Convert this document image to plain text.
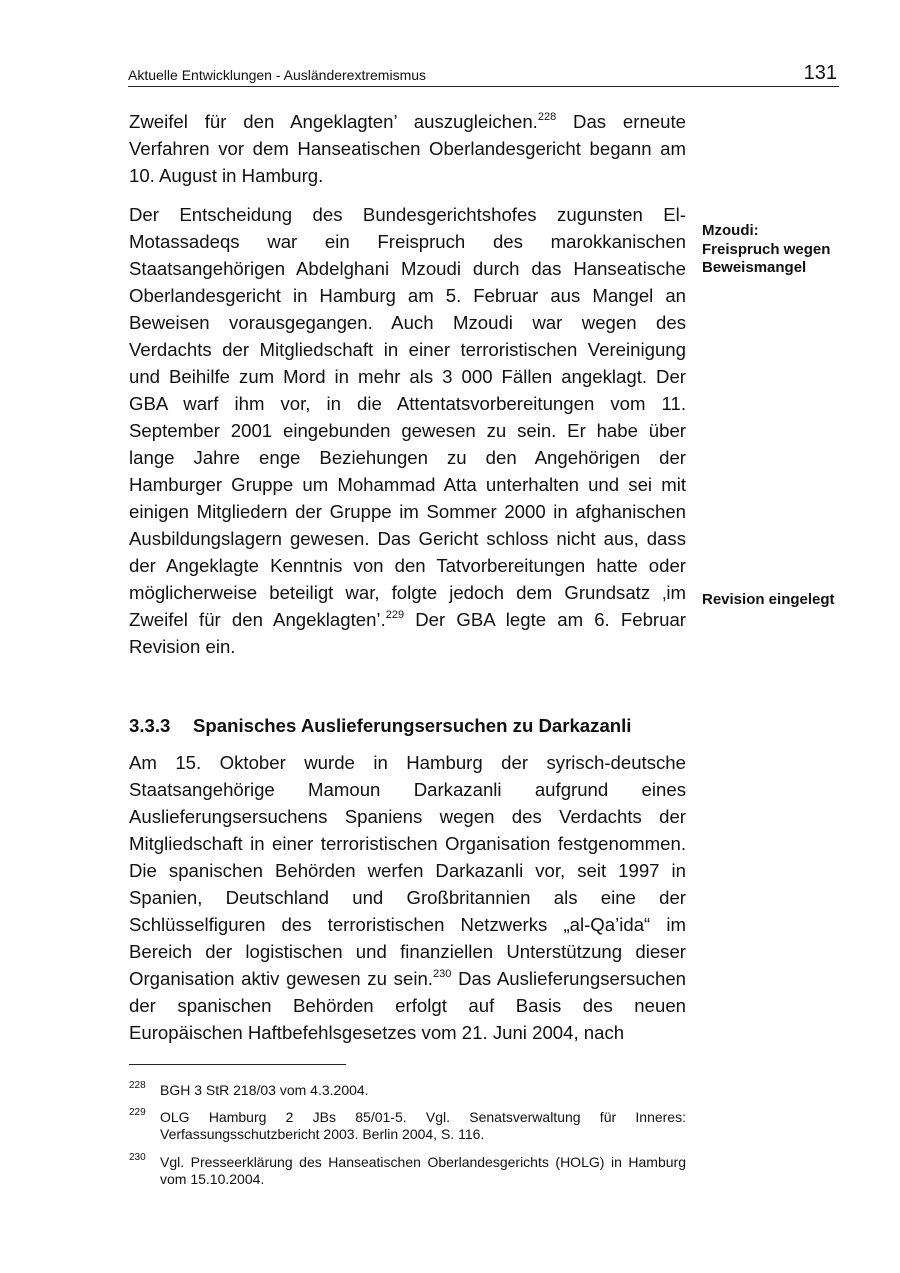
Aktuelle Entwicklungen - Ausländerextremismus	131

Zweifel für den Angeklagten’ auszugleichen.$^{228}$ Das erneute Verfahren vor dem Hanseatischen Oberlandesgericht begann am 10. August in Hamburg.

Der Entscheidung des Bundesgerichtshofes zugunsten El-Motassadeqs war ein Freispruch des marokkanischen Staatsangehörigen Abdelghani Mzoudi durch das Hanseatische Oberlandesgericht in Hamburg am 5. Februar aus Mangel an Beweisen vorausgegangen. Auch Mzoudi war wegen des Verdachts der Mitgliedschaft in einer terroristischen Vereinigung und Beihilfe zum Mord in mehr als 3 000 Fällen angeklagt. Der GBA warf ihm vor, in die Attentatsvorbereitungen vom 11. September 2001 eingebunden gewesen zu sein. Er habe über lange Jahre enge Beziehungen zu den Angehörigen der Hamburger Gruppe um Mohammad Atta unterhalten und sei mit einigen Mitgliedern der Gruppe im Sommer 2000 in afghanischen Ausbildungslagern gewesen. Das Gericht schloss nicht aus, dass der Angeklagte Kenntnis von den Tatvorbereitungen hatte oder möglicherweise beteiligt war, folgte jedoch dem Grundsatz ‚im Zweifel für den Angeklagten’.$^{229}$ Der GBA legte am 6. Februar Revision ein.

Mzoudi:
Freispruch wegen
Beweismangel
Revision eingelegt
3.3.3 Spanisches Auslieferungsersuchen zu Darkazanli

Am 15. Oktober wurde in Hamburg der syrisch-deutsche Staatsangehörige Mamoun Darkazanli aufgrund eines Auslieferungsersuchens Spaniens wegen des Verdachts der Mitgliedschaft in einer terroristischen Organisation festgenommen. Die spanischen Behörden werfen Darkazanli vor, seit 1997 in Spanien, Deutschland und Großbritannien als eine der Schlüsselfiguren des terroristischen Netzwerks „al-Qa’ida“ im Bereich der logistischen und finanziellen Unterstützung dieser Organisation aktiv gewesen zu sein.$^{230}$ Das Auslieferungsersuchen der spanischen Behörden erfolgt auf Basis des neuen Europäischen Haftbefehlsgesetzes vom 21. Juni 2004, nach

228 BGH 3 StR 218/03 vom 4.3.2004.
229 OLG Hamburg 2 JBs 85/01-5. Vgl. Senatsverwaltung für Inneres: Verfassungsschutzbericht 2003. Berlin 2004, S. 116.
230 Vgl. Presseerklärung des Hanseatischen Oberlandesgerichts (HOLG) in Hamburg vom 15.10.2004.
